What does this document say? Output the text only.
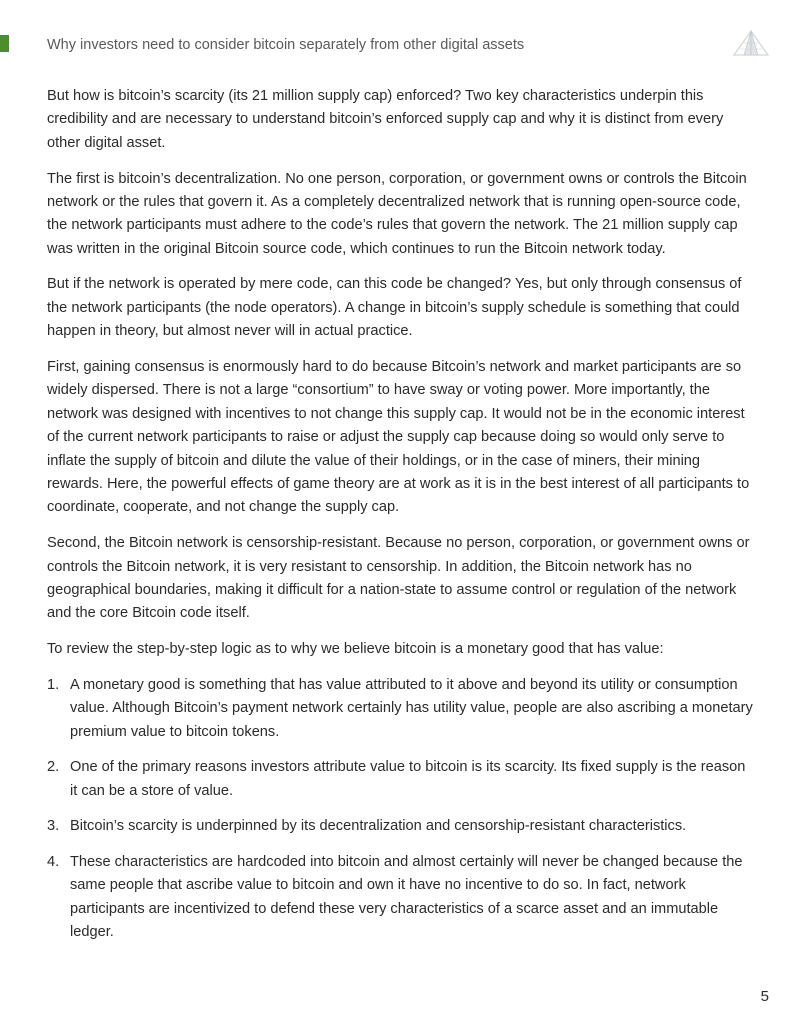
Why investors need to consider bitcoin separately from other digital assets

But how is bitcoin’s scarcity (its 21 million supply cap) enforced? Two key characteristics underpin this credibility and are necessary to understand bitcoin’s enforced supply cap and why it is distinct from every other digital asset.

The first is bitcoin’s decentralization. No one person, corporation, or government owns or controls the Bitcoin network or the rules that govern it. As a completely decentralized network that is running open-source code, the network participants must adhere to the code’s rules that govern the network. The 21 million supply cap was written in the original Bitcoin source code, which continues to run the Bitcoin network today.

But if the network is operated by mere code, can this code be changed? Yes, but only through consensus of the network participants (the node operators). A change in bitcoin’s supply schedule is something that could happen in theory, but almost never will in actual practice.

First, gaining consensus is enormously hard to do because Bitcoin’s network and market participants are so widely dispersed. There is not a large “consortium” to have sway or voting power. More importantly, the network was designed with incentives to not change this supply cap. It would not be in the economic interest of the current network participants to raise or adjust the supply cap because doing so would only serve to inflate the supply of bitcoin and dilute the value of their holdings, or in the case of miners, their mining rewards. Here, the powerful effects of game theory are at work as it is in the best interest of all participants to coordinate, cooperate, and not change the supply cap.

Second, the Bitcoin network is censorship-resistant. Because no person, corporation, or government owns or controls the Bitcoin network, it is very resistant to censorship. In addition, the Bitcoin network has no geographical boundaries, making it difficult for a nation-state to assume control or regulation of the network and the core Bitcoin code itself.

To review the step-by-step logic as to why we believe bitcoin is a monetary good that has value:

1. A monetary good is something that has value attributed to it above and beyond its utility or consumption value. Although Bitcoin’s payment network certainly has utility value, people are also ascribing a monetary premium value to bitcoin tokens.
2. One of the primary reasons investors attribute value to bitcoin is its scarcity. Its fixed supply is the reason it can be a store of value.
3. Bitcoin’s scarcity is underpinned by its decentralization and censorship-resistant characteristics.
4. These characteristics are hardcoded into bitcoin and almost certainly will never be changed because the same people that ascribe value to bitcoin and own it have no incentive to do so. In fact, network participants are incentivized to defend these very characteristics of a scarce asset and an immutable ledger.
5
